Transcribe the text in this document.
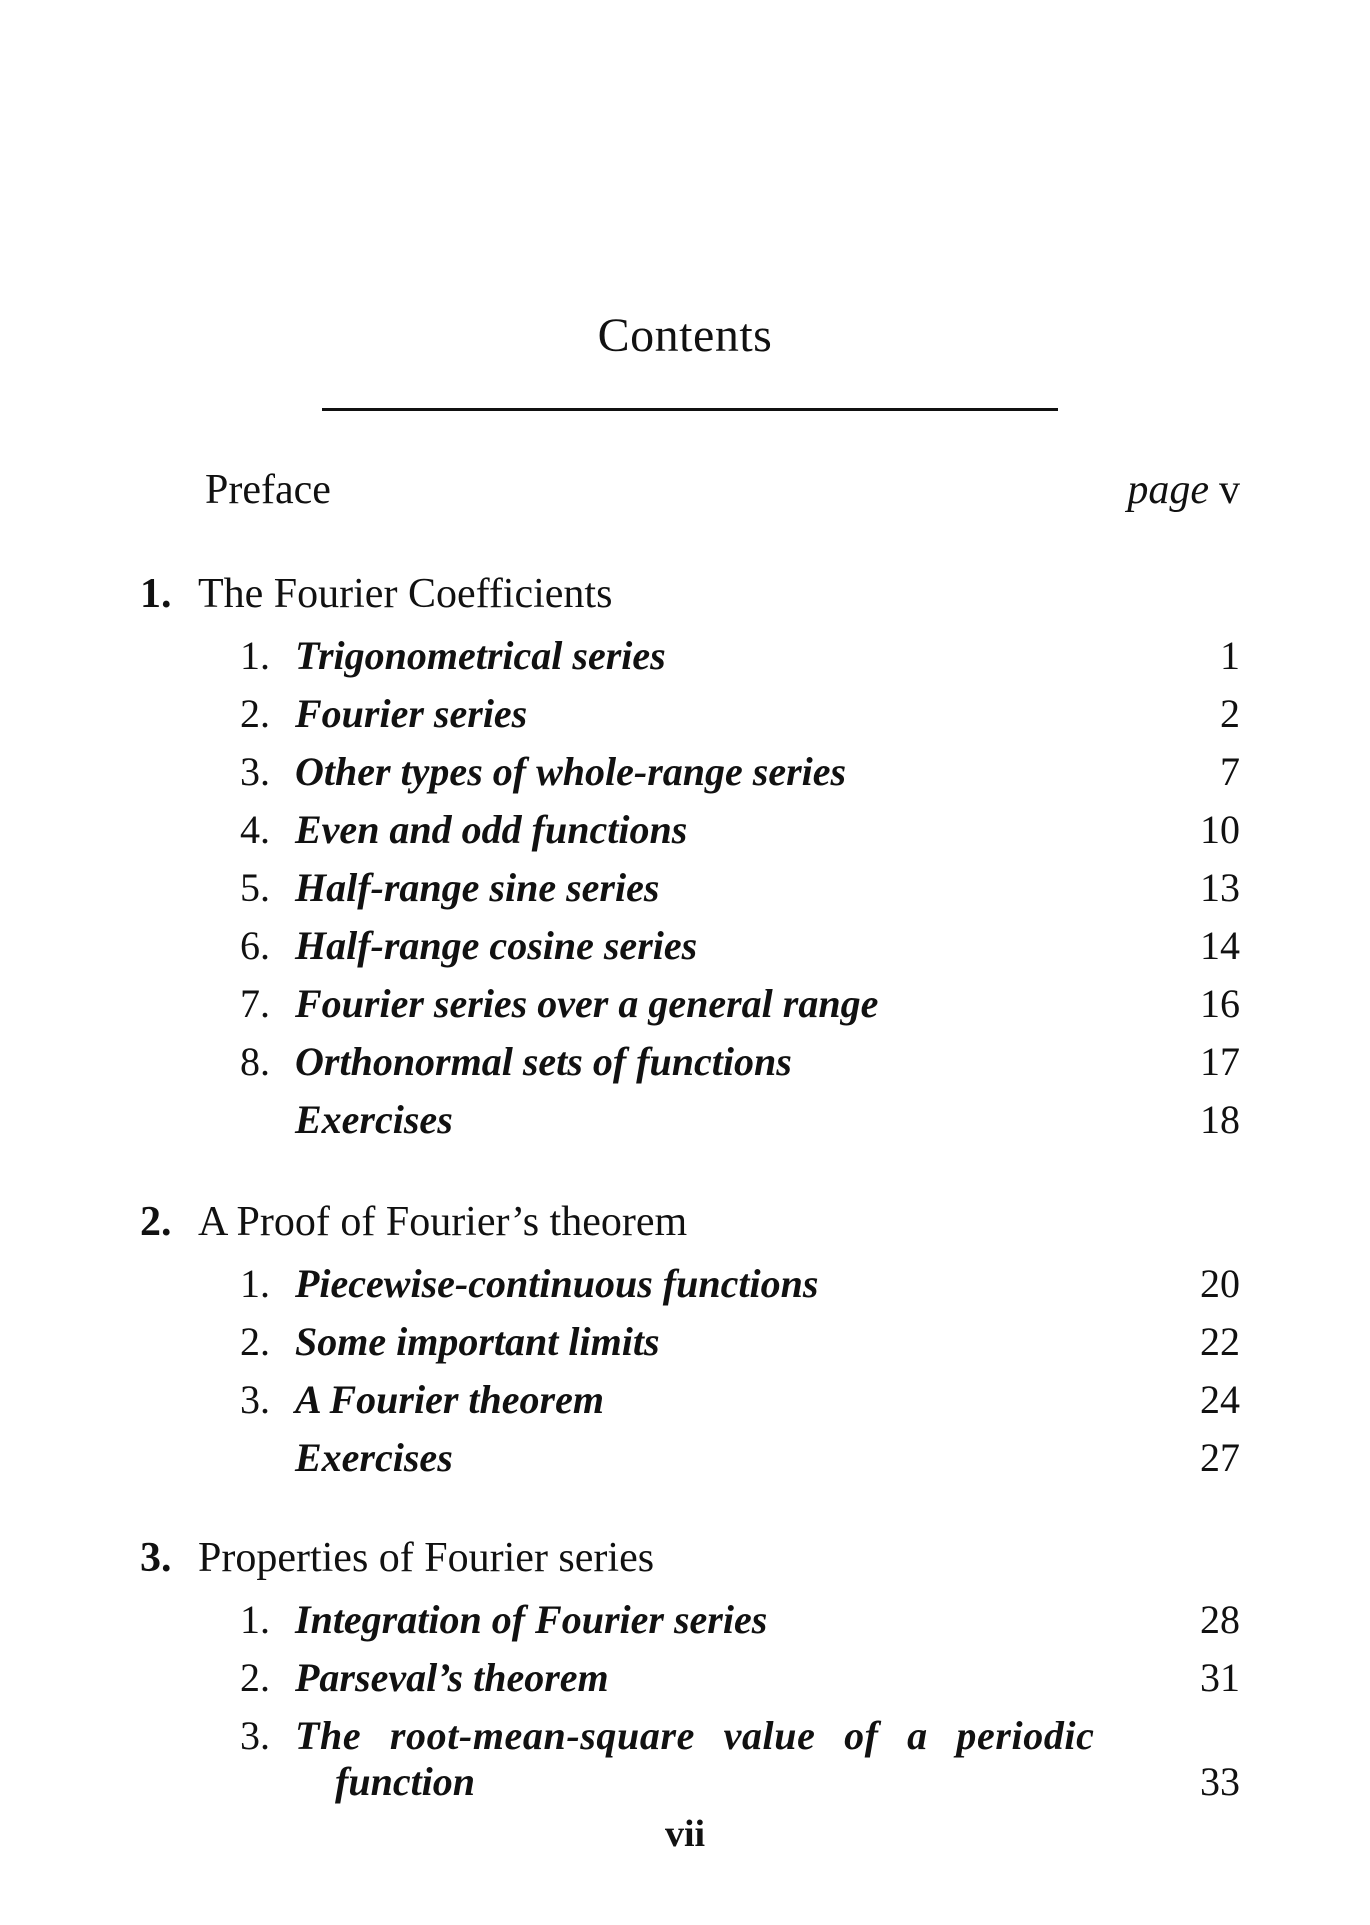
Contents
Preface	page v
1. The Fourier Coefficients
1. Trigonometrical series	1
2. Fourier series	2
3. Other types of whole-range series	7
4. Even and odd functions	10
5. Half-range sine series	13
6. Half-range cosine series	14
7. Fourier series over a general range	16
8. Orthonormal sets of functions	17
Exercises	18
2. A Proof of Fourier’s theorem
1. Piecewise-continuous functions	20
2. Some important limits	22
3. A Fourier theorem	24
Exercises	27
3. Properties of Fourier series
1. Integration of Fourier series	28
2. Parseval’s theorem	31
3. The root-mean-square value of a periodic
function	33
vii
